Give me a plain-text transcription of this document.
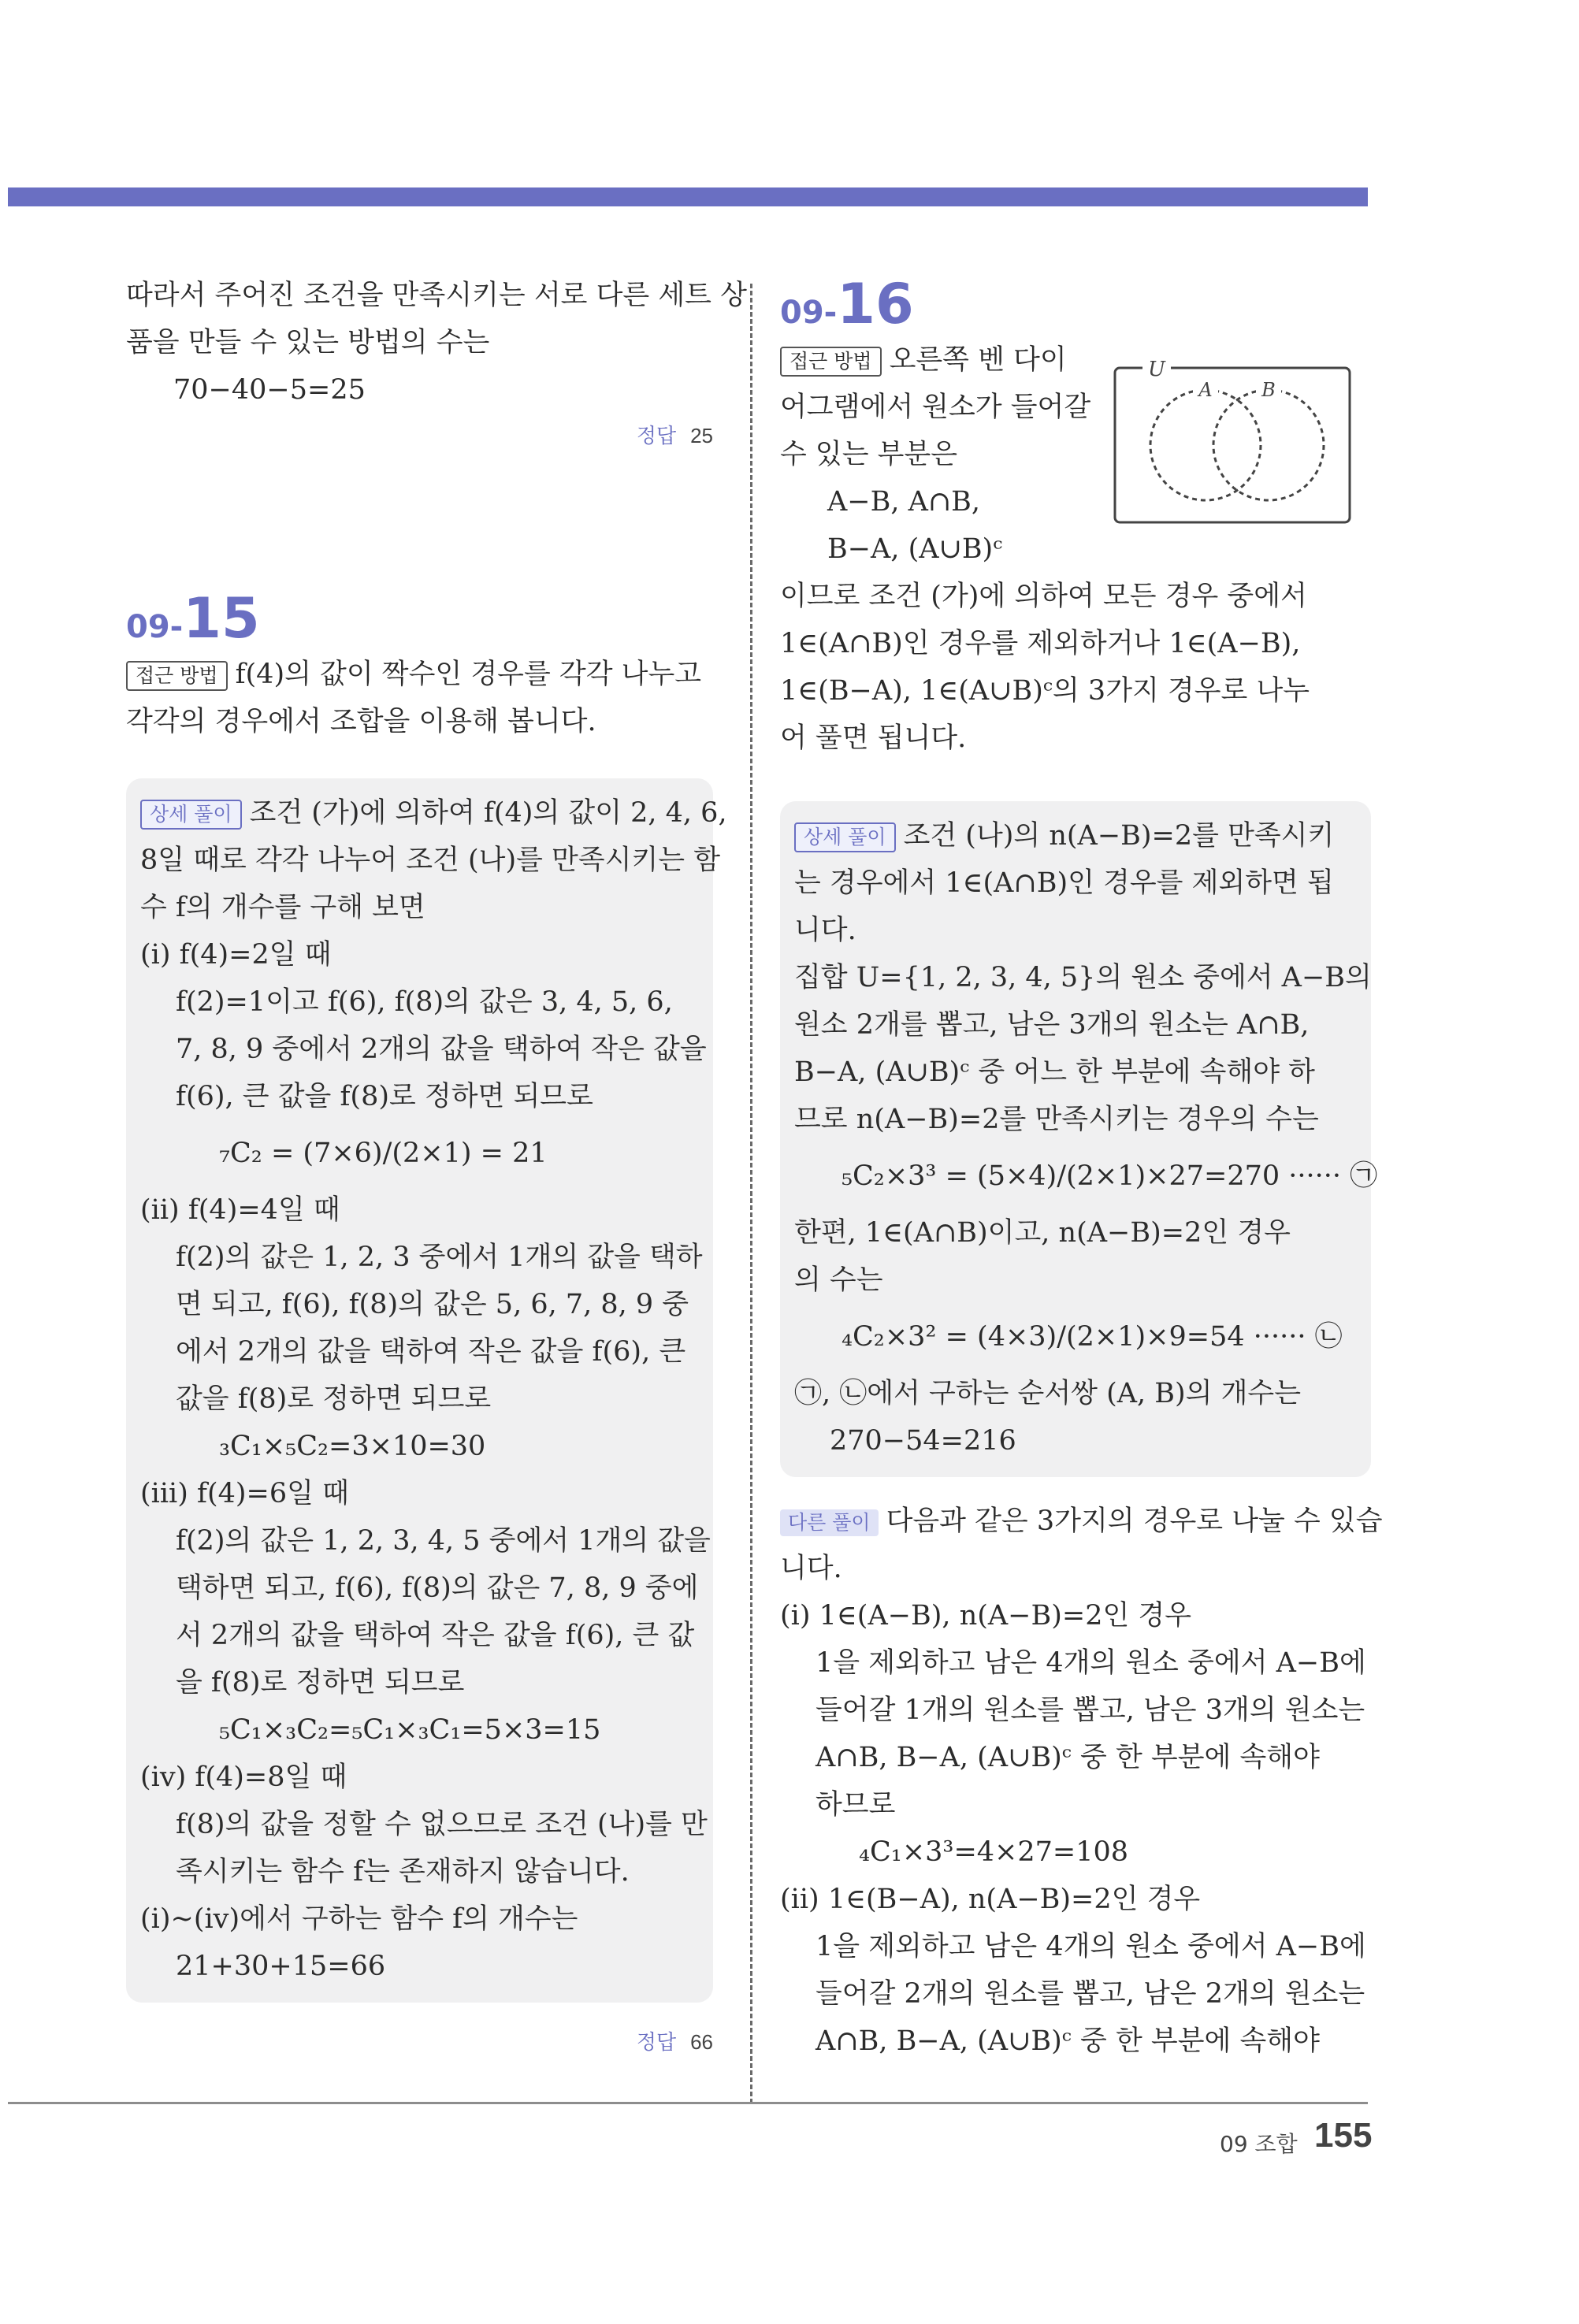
따라서 주어진 조건을 만족시키는 서로 다른 세트 상
품을 만들 수 있는 방법의 수는
70−40−5=25
정답 25
09-15
접근 방법 f(4)의 값이 짝수인 경우를 각각 나누고
각각의 경우에서 조합을 이용해 봅니다.
상세 풀이 조건 (가)에 의하여 f(4)의 값이 2, 4, 6,
8일 때로 각각 나누어 조건 (나)를 만족시키는 함
수 f의 개수를 구해 보면
(i) f(4)=2일 때
f(2)=1이고 f(6), f(8)의 값은 3, 4, 5, 6,
7, 8, 9 중에서 2개의 값을 택하여 작은 값을
f(6), 큰 값을 f(8)로 정하면 되므로
₇C₂ = (7×6)/(2×1) = 21
(ii) f(4)=4일 때
f(2)의 값은 1, 2, 3 중에서 1개의 값을 택하
면 되고, f(6), f(8)의 값은 5, 6, 7, 8, 9 중
에서 2개의 값을 택하여 작은 값을 f(6), 큰
값을 f(8)로 정하면 되므로
₃C₁×₅C₂=3×10=30
(iii) f(4)=6일 때
f(2)의 값은 1, 2, 3, 4, 5 중에서 1개의 값을
택하면 되고, f(6), f(8)의 값은 7, 8, 9 중에
서 2개의 값을 택하여 작은 값을 f(6), 큰 값
을 f(8)로 정하면 되므로
₅C₁×₃C₂=₅C₁×₃C₁=5×3=15
(iv) f(4)=8일 때
f(8)의 값을 정할 수 없으므로 조건 (나)를 만
족시키는 함수 f는 존재하지 않습니다.
(i)~(iv)에서 구하는 함수 f의 개수는
21+30+15=66
정답 66
09-16
접근 방법 오른쪽 벤 다이
어그램에서 원소가 들어갈
수 있는 부분은
A−B, A∩B,
B−A, (A∪B)ᶜ
이므로 조건 (가)에 의하여 모든 경우 중에서
1∈(A∩B)인 경우를 제외하거나 1∈(A−B),
1∈(B−A), 1∈(A∪B)ᶜ의 3가지 경우로 나누
어 풀면 됩니다.
U
A	B
상세 풀이 조건 (나)의 n(A−B)=2를 만족시키
는 경우에서 1∈(A∩B)인 경우를 제외하면 됩
니다.
집합 U={1, 2, 3, 4, 5}의 원소 중에서 A−B의
원소 2개를 뽑고, 남은 3개의 원소는 A∩B,
B−A, (A∪B)ᶜ 중 어느 한 부분에 속해야 하
므로 n(A−B)=2를 만족시키는 경우의 수는
₅C₂×3³ = (5×4)/(2×1)×27=270 ······ ㉠
한편, 1∈(A∩B)이고, n(A−B)=2인 경우
의 수는
₄C₂×3² = (4×3)/(2×1)×9=54 ······ ㉡
㉠, ㉡에서 구하는 순서쌍 (A, B)의 개수는
270−54=216
다른 풀이 다음과 같은 3가지의 경우로 나눌 수 있습
니다.
(i) 1∈(A−B), n(A−B)=2인 경우
1을 제외하고 남은 4개의 원소 중에서 A−B에
들어갈 1개의 원소를 뽑고, 남은 3개의 원소는
A∩B, B−A, (A∪B)ᶜ 중 한 부분에 속해야
하므로
₄C₁×3³=4×27=108
(ii) 1∈(B−A), n(A−B)=2인 경우
1을 제외하고 남은 4개의 원소 중에서 A−B에
들어갈 2개의 원소를 뽑고, 남은 2개의 원소는
A∩B, B−A, (A∪B)ᶜ 중 한 부분에 속해야
09 조합 155
